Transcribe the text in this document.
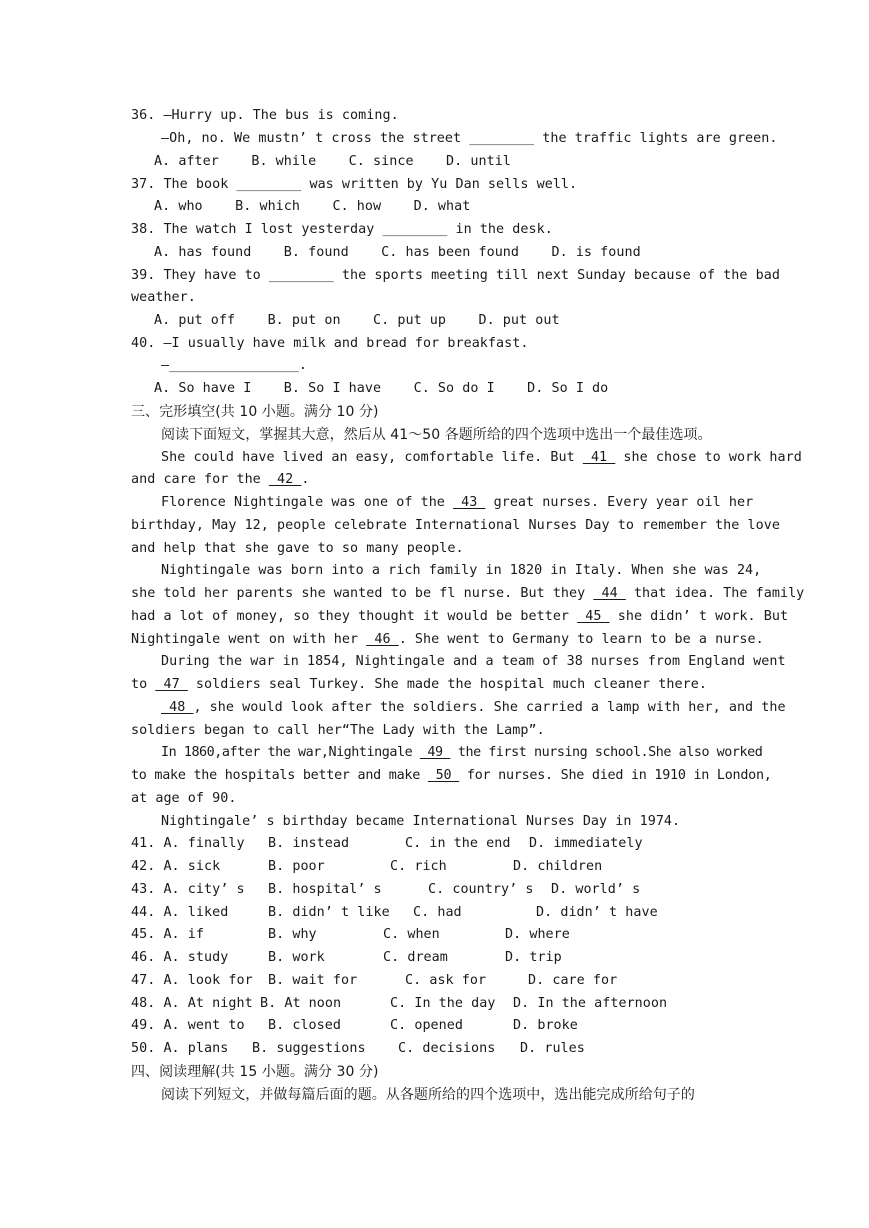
36. —Hurry up. The bus is coming.
—Oh, no. We mustn’ t cross the street ________ the traffic lights are green.
A. after    B. while    C. since    D. until
37. The book ________ was written by Yu Dan sells well.
A. who    B. which    C. how    D. what
38. The watch I lost yesterday ________ in the desk.
A. has found    B. found    C. has been found    D. is found
39. They have to ________ the sports meeting till next Sunday because of the bad
weather.
A. put off    B. put on    C. put up    D. put out
40. —I usually have milk and bread for breakfast.
—________________.
A. So have I    B. So I have    C. So do I    D. So I do
三、完形填空(共 10 小题。满分 10 分)
阅读下面短文，掌握其大意，然后从 41～50 各题所给的四个选项中选出一个最佳选项。
She could have lived an easy, comfortable life. But  41  she chose to work hard
and care for the  42 .
Florence Nightingale was one of the  43  great nurses. Every year oil her
birthday, May 12, people celebrate International Nurses Day to remember the love
and help that she gave to so many people.
Nightingale was born into a rich family in 1820 in Italy. When she was 24,
she told her parents she wanted to be fl nurse. But they  44  that idea. The family
had a lot of money, so they thought it would be better  45  she didn’ t work. But
Nightingale went on with her  46 . She went to Germany to learn to be a nurse.
During the war in 1854, Nightingale and a team of 38 nurses from England went
to  47  soldiers seal Turkey. She made the hospital much cleaner there.
48 , she would look after the soldiers. She carried a lamp with her, and the
soldiers began to call her“The Lady with the Lamp”.
In 1860,after the war,Nightingale  49  the first nursing school.She also worked
to make the hospitals better and make  50  for nurses. She died in 1910 in London,
at age of 90.
Nightingale’ s birthday became International Nurses Day in 1974.
41. A. finally B. instead	C. in the end D. immediately
42. A. sick	B. poor	C. rich	D. children
43. A. city’ s B. hospital’ s	C. country’ s D. world’ s
44. A. liked	B. didn’ t like C. had	D. didn’ t have
45. A. if	B. why	C. when	D. where
46. A. study	B. work	C. dream	D. trip
47. A. look for B. wait for	C. ask for	D. care for
48. A. At night B. At noon	C. In the day D. In the afternoon
49. A. went to B. closed	C. opened	D. broke
50. A. plans B. suggestions C. decisions D. rules
四、阅读理解(共 15 小题。满分 30 分)
阅读下列短文，并做每篇后面的题。从各题所给的四个选项中，选出能完成所给句子的
